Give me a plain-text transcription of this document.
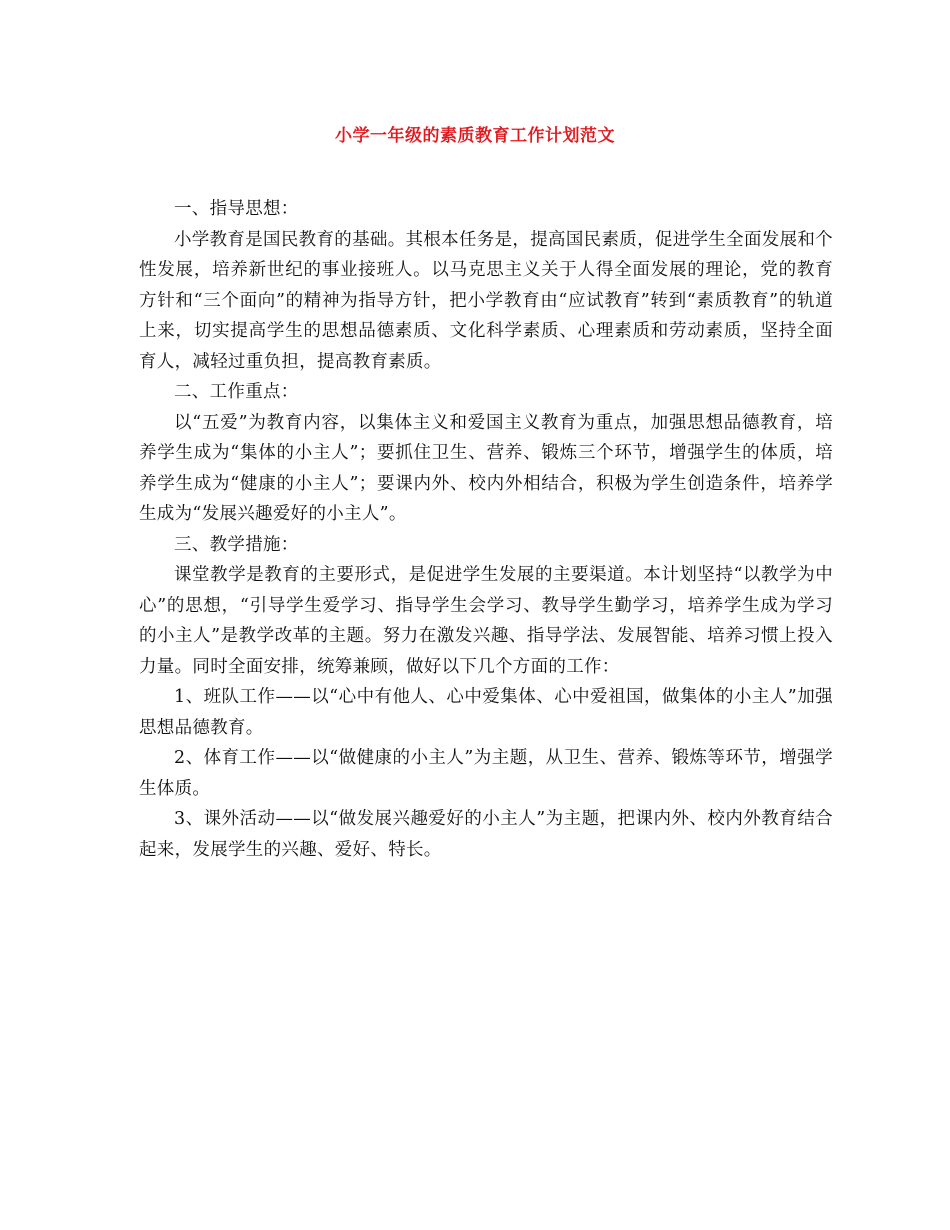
小学一年级的素质教育工作计划范文

一、指导思想：

小学教育是国民教育的基础。其根本任务是，提高国民素质，促进学生全面发展和个性发展，培养新世纪的事业接班人。以马克思主义关于人得全面发展的理论，党的教育方针和“三个面向”的精神为指导方针，把小学教育由“应试教育”转到“素质教育”的轨道上来，切实提高学生的思想品德素质、文化科学素质、心理素质和劳动素质，坚持全面育人，减轻过重负担，提高教育素质。

二、工作重点：

以“五爱”为教育内容，以集体主义和爱国主义教育为重点，加强思想品德教育，培养学生成为“集体的小主人”；要抓住卫生、营养、锻炼三个环节，增强学生的体质，培养学生成为“健康的小主人”；要课内外、校内外相结合，积极为学生创造条件，培养学生成为“发展兴趣爱好的小主人”。

三、教学措施：

课堂教学是教育的主要形式，是促进学生发展的主要渠道。本计划坚持“以教学为中心”的思想，“引导学生爱学习、指导学生会学习、教导学生勤学习，培养学生成为学习的小主人”是教学改革的主题。努力在激发兴趣、指导学法、发展智能、培养习惯上投入力量。同时全面安排，统筹兼顾，做好以下几个方面的工作：

1、班队工作——以“心中有他人、心中爱集体、心中爱祖国，做集体的小主人”加强思想品德教育。

2、体育工作——以“做健康的小主人”为主题，从卫生、营养、锻炼等环节，增强学生体质。

3、课外活动——以“做发展兴趣爱好的小主人”为主题，把课内外、校内外教育结合起来，发展学生的兴趣、爱好、特长。
